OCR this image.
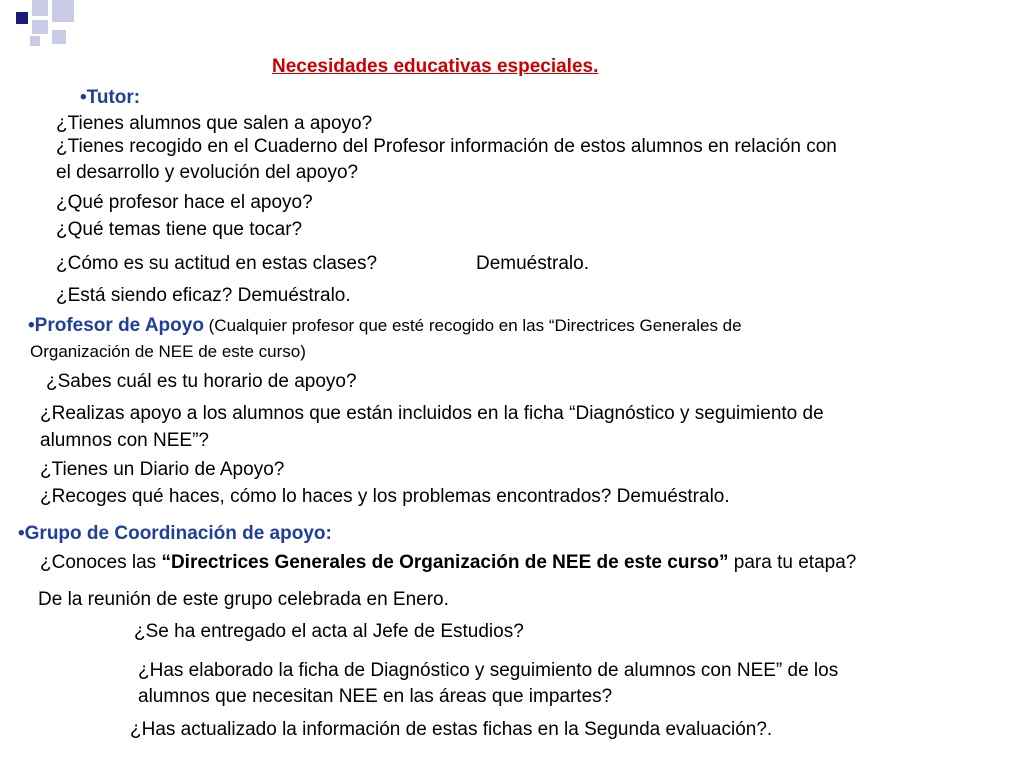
Necesidades educativas especiales.
•Tutor:
¿Tienes alumnos que salen a apoyo?
¿Tienes recogido en el Cuaderno del Profesor información de estos alumnos en relación con
el desarrollo y evolución del apoyo?
¿Qué profesor hace el apoyo?
¿Qué temas tiene que tocar?
¿Cómo es su actitud en estas clases?	Demuéstralo.
¿Está siendo eficaz? Demuéstralo.
•Profesor de Apoyo (Cualquier profesor que esté recogido en las “Directrices Generales de
Organización de NEE de este curso)
¿Sabes cuál es tu horario de apoyo?
¿Realizas apoyo a los alumnos que están incluidos en la ficha “Diagnóstico y seguimiento de
alumnos con NEE”?
¿Tienes un Diario de Apoyo?
¿Recoges qué haces, cómo lo haces y los problemas encontrados? Demuéstralo.
•Grupo de Coordinación de apoyo:
¿Conoces las “Directrices Generales de Organización de NEE de este curso” para tu etapa?
De la reunión de este grupo celebrada en Enero.
¿Se ha entregado el acta al Jefe de Estudios?
¿Has elaborado la ficha de Diagnóstico y seguimiento de alumnos con NEE” de los
alumnos que necesitan NEE en las áreas que impartes?
¿Has actualizado la información de estas fichas en la Segunda evaluación?.
